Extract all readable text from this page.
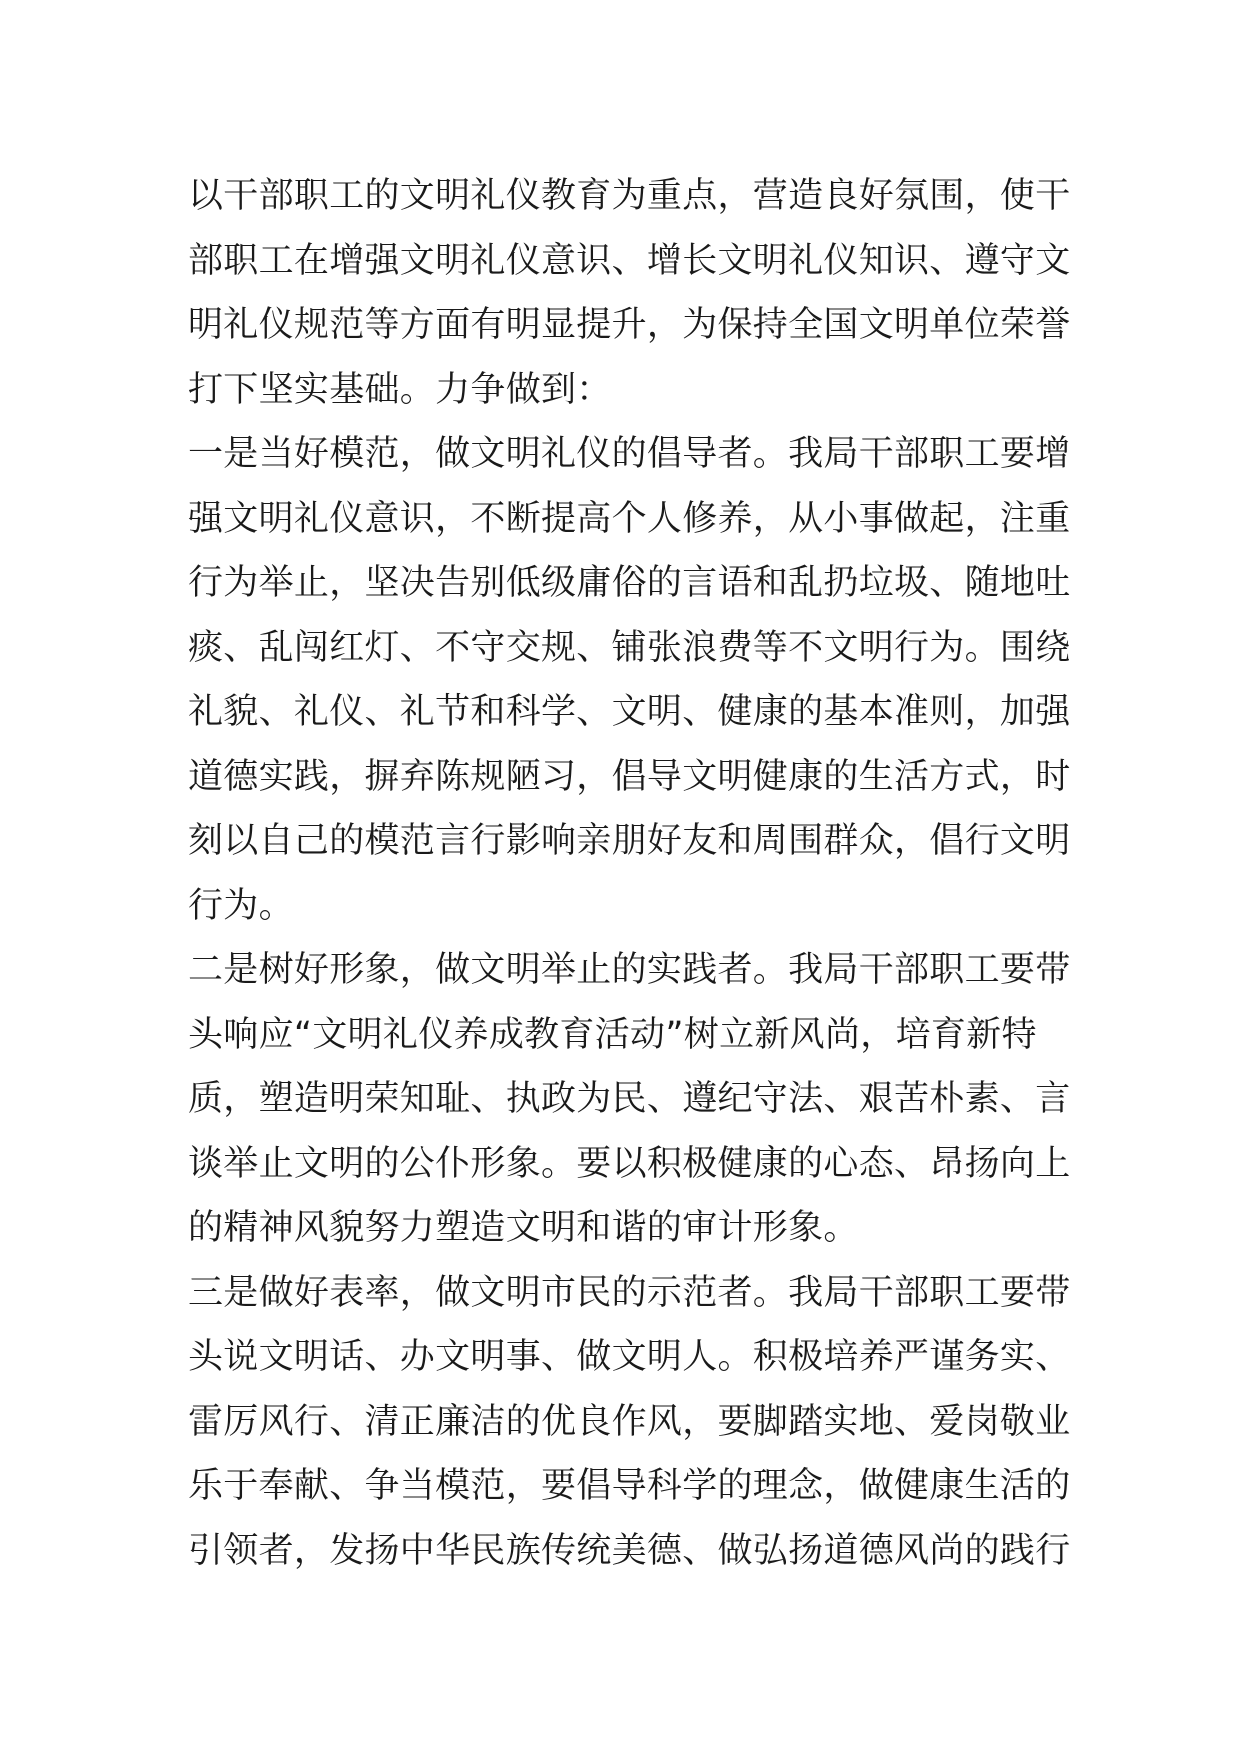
以干部职工的文明礼仪教育为重点，营造良好氛围，使干
部职工在增强文明礼仪意识、增长文明礼仪知识、遵守文
明礼仪规范等方面有明显提升，为保持全国文明单位荣誉
打下坚实基础。力争做到：
一是当好模范，做文明礼仪的倡导者。我局干部职工要增
强文明礼仪意识，不断提高个人修养，从小事做起，注重
行为举止，坚决告别低级庸俗的言语和乱扔垃圾、随地吐
痰、乱闯红灯、不守交规、铺张浪费等不文明行为。围绕
礼貌、礼仪、礼节和科学、文明、健康的基本准则，加强
道德实践，摒弃陈规陋习，倡导文明健康的生活方式，时
刻以自己的模范言行影响亲朋好友和周围群众，倡行文明
行为。
二是树好形象，做文明举止的实践者。我局干部职工要带
头响应“文明礼仪养成教育活动”树立新风尚，培育新特
质，塑造明荣知耻、执政为民、遵纪守法、艰苦朴素、言
谈举止文明的公仆形象。要以积极健康的心态、昂扬向上
的精神风貌努力塑造文明和谐的审计形象。
三是做好表率，做文明市民的示范者。我局干部职工要带
头说文明话、办文明事、做文明人。积极培养严谨务实、
雷厉风行、清正廉洁的优良作风，要脚踏实地、爱岗敬业
乐于奉献、争当模范，要倡导科学的理念，做健康生活的
引领者，发扬中华民族传统美德、做弘扬道德风尚的践行
